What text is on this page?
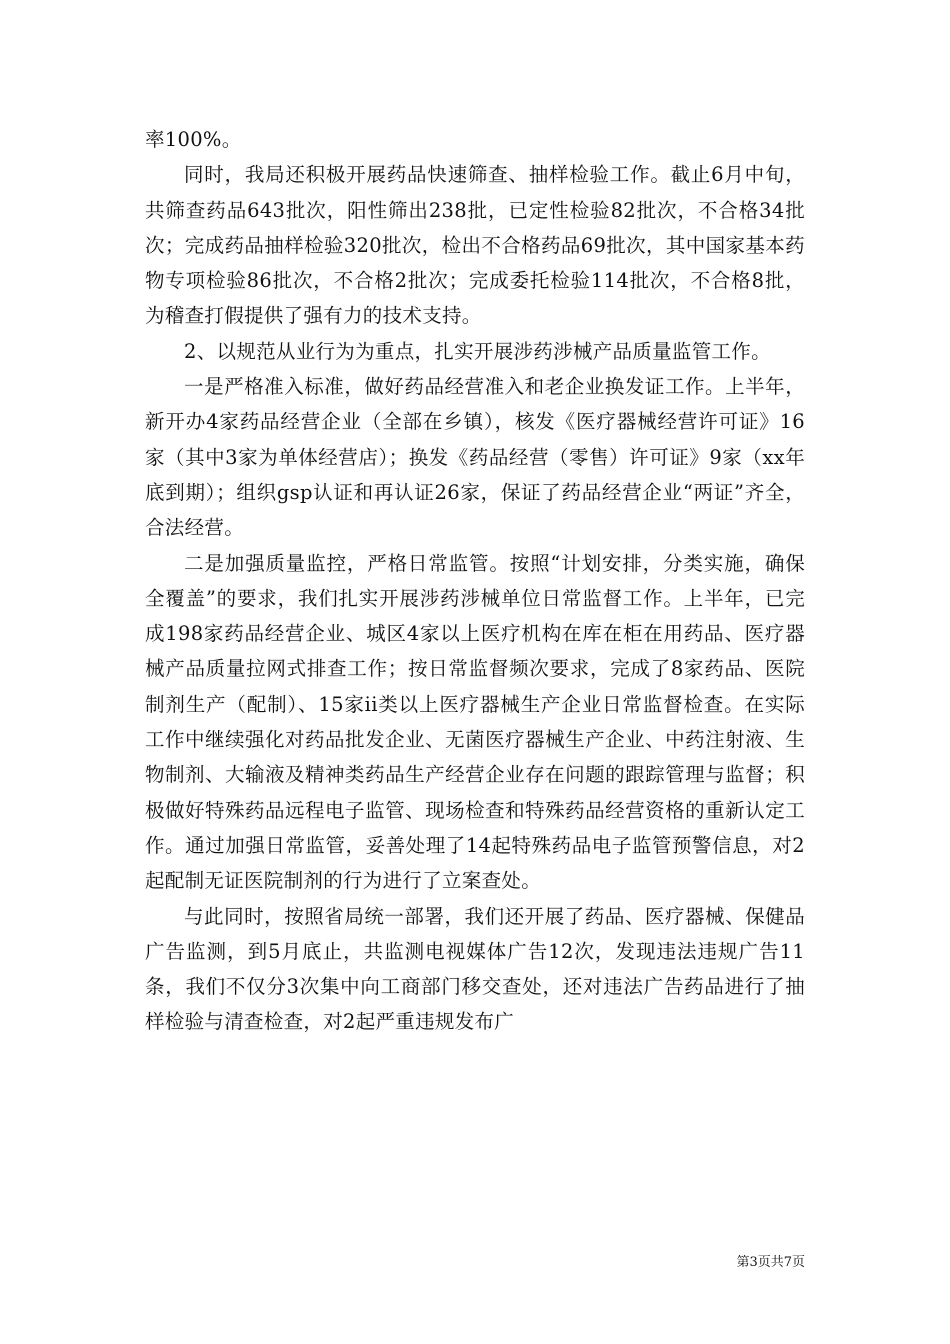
率100%。

同时，我局还积极开展药品快速筛查、抽样检验工作。截止6月中旬，共筛查药品643批次，阳性筛出238批，已定性检验82批次，不合格34批次；完成药品抽样检验320批次，检出不合格药品69批次，其中国家基本药物专项检验86批次，不合格2批次；完成委托检验114批次，不合格8批，为稽查打假提供了强有力的技术支持。

2、以规范从业行为为重点，扎实开展涉药涉械产品质量监管工作。

一是严格准入标准，做好药品经营准入和老企业换发证工作。上半年，新开办4家药品经营企业（全部在乡镇），核发《医疗器械经营许可证》16家（其中3家为单体经营店）；换发《药品经营（零售）许可证》9家（xx年底到期）；组织gsp认证和再认证26家，保证了药品经营企业“两证”齐全，合法经营。

二是加强质量监控，严格日常监管。按照“计划安排，分类实施，确保全覆盖”的要求，我们扎实开展涉药涉械单位日常监督工作。上半年，已完成198家药品经营企业、城区4家以上医疗机构在库在柜在用药品、医疗器械产品质量拉网式排查工作；按日常监督频次要求，完成了8家药品、医院制剂生产（配制）、15家ii类以上医疗器械生产企业日常监督检查。在实际工作中继续强化对药品批发企业、无菌医疗器械生产企业、中药注射液、生物制剂、大输液及精神类药品生产经营企业存在问题的跟踪管理与监督；积极做好特殊药品远程电子监管、现场检查和特殊药品经营资格的重新认定工作。通过加强日常监管，妥善处理了14起特殊药品电子监管预警信息，对2起配制无证医院制剂的行为进行了立案查处。

与此同时，按照省局统一部署，我们还开展了药品、医疗器械、保健品广告监测，到5月底止，共监测电视媒体广告12次，发现违法违规广告11条，我们不仅分3次集中向工商部门移交查处，还对违法广告药品进行了抽样检验与清查检查，对2起严重违规发布广

第3页共7页
